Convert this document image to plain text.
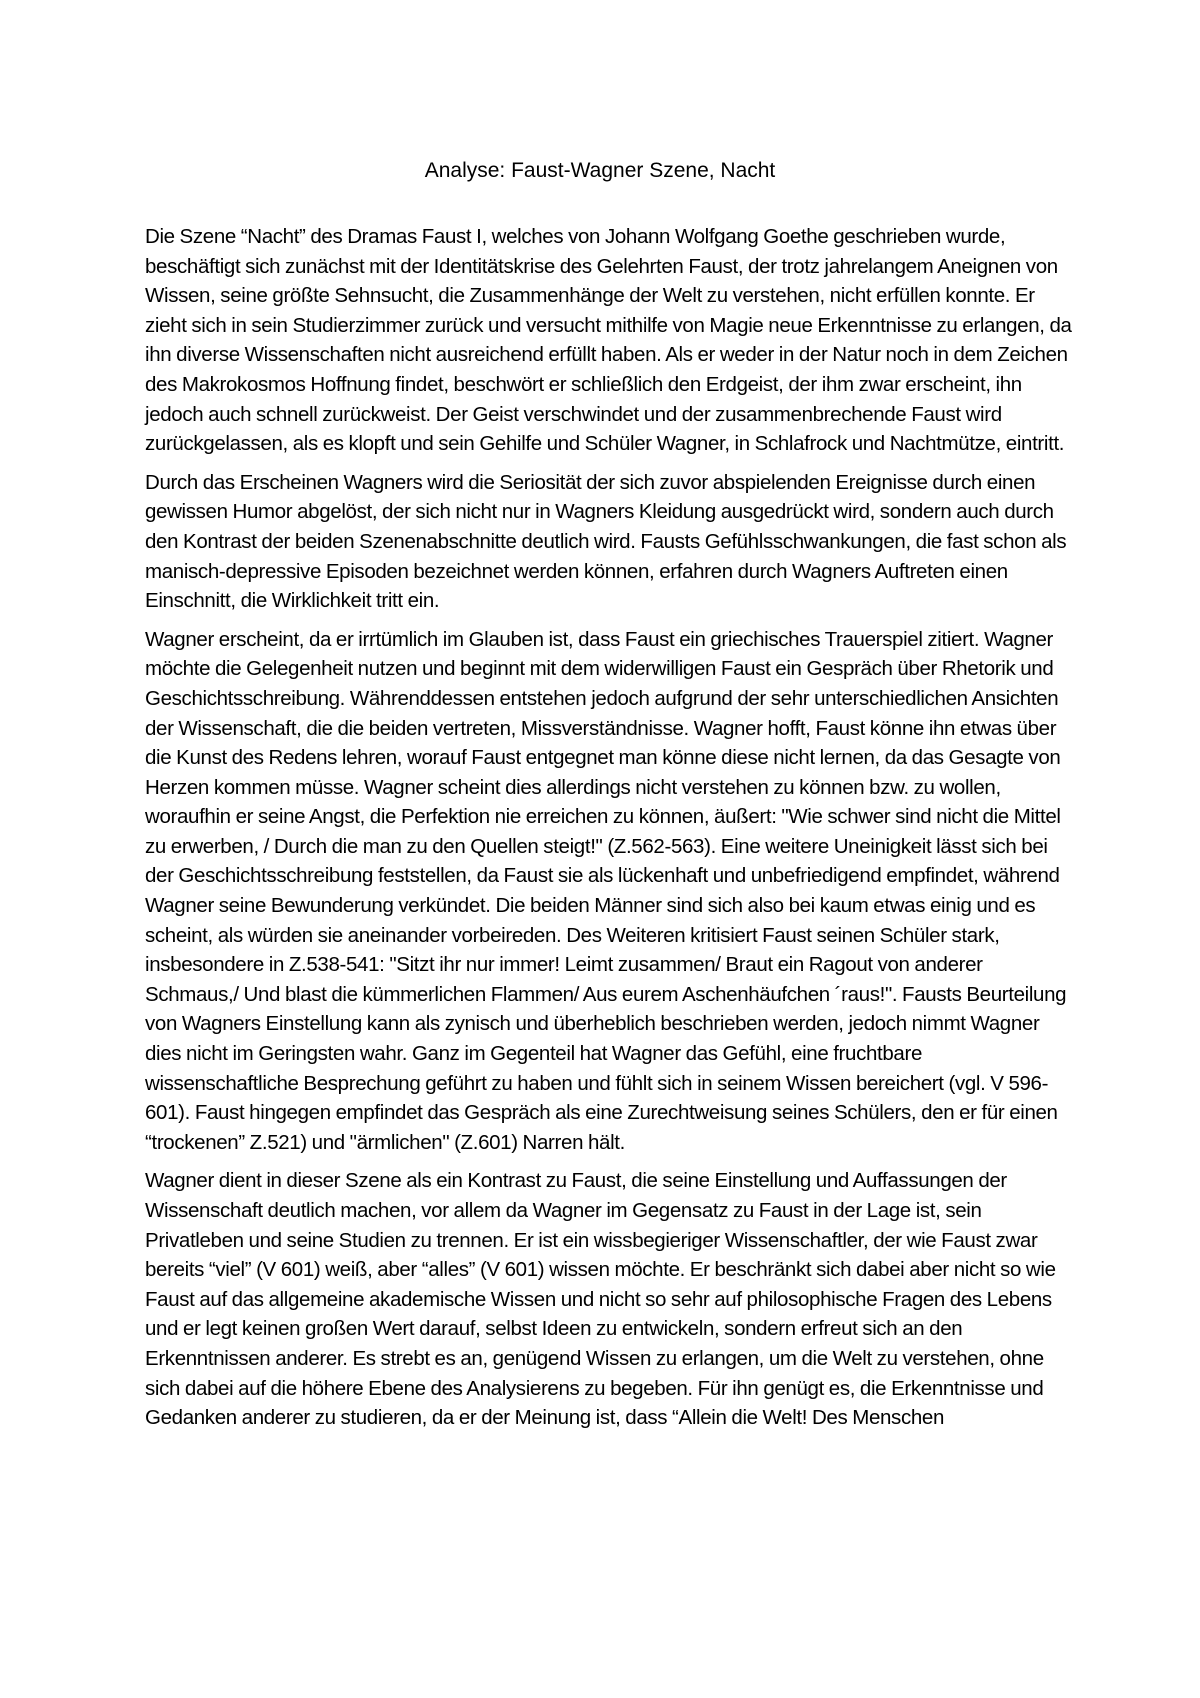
Analyse: Faust-Wagner Szene, Nacht

Die Szene “Nacht” des Dramas Faust I, welches von Johann Wolfgang Goethe geschrieben wurde, beschäftigt sich zunächst mit der Identitätskrise des Gelehrten Faust, der trotz jahrelangem Aneignen von Wissen, seine größte Sehnsucht, die Zusammenhänge der Welt zu verstehen, nicht erfüllen konnte. Er zieht sich in sein Studierzimmer zurück und versucht mithilfe von Magie neue Erkenntnisse zu erlangen, da ihn diverse Wissenschaften nicht ausreichend erfüllt haben. Als er weder in der Natur noch in dem Zeichen des Makrokosmos Hoffnung findet, beschwört er schließlich den Erdgeist, der ihm zwar erscheint, ihn jedoch auch schnell zurückweist. Der Geist verschwindet und der zusammenbrechende Faust wird zurückgelassen, als es klopft und sein Gehilfe und Schüler Wagner, in Schlafrock und Nachtmütze, eintritt.

Durch das Erscheinen Wagners wird die Seriosität der sich zuvor abspielenden Ereignisse durch einen gewissen Humor abgelöst, der sich nicht nur in Wagners Kleidung ausgedrückt wird, sondern auch durch den Kontrast der beiden Szenenabschnitte deutlich wird. Fausts Gefühlsschwankungen, die fast schon als manisch-depressive Episoden bezeichnet werden können, erfahren durch Wagners Auftreten einen Einschnitt, die Wirklichkeit tritt ein.

Wagner erscheint, da er irrtümlich im Glauben ist, dass Faust ein griechisches Trauerspiel zitiert. Wagner möchte die Gelegenheit nutzen und beginnt mit dem widerwilligen Faust ein Gespräch über Rhetorik und Geschichtsschreibung. Währenddessen entstehen jedoch aufgrund der sehr unterschiedlichen Ansichten der Wissenschaft, die die beiden vertreten, Missverständnisse. Wagner hofft, Faust könne ihn etwas über die Kunst des Redens lehren, worauf Faust entgegnet man könne diese nicht lernen, da das Gesagte von Herzen kommen müsse. Wagner scheint dies allerdings nicht verstehen zu können bzw. zu wollen, woraufhin er seine Angst, die Perfektion nie erreichen zu können, äußert: "Wie schwer sind nicht die Mittel zu erwerben, / Durch die man zu den Quellen steigt!" (Z.562-563). Eine weitere Uneinigkeit lässt sich bei der Geschichtsschreibung feststellen, da Faust sie als lückenhaft und unbefriedigend empfindet, während Wagner seine Bewunderung verkündet. Die beiden Männer sind sich also bei kaum etwas einig und es scheint, als würden sie aneinander vorbeireden. Des Weiteren kritisiert Faust seinen Schüler stark, insbesondere in Z.538-541: "Sitzt ihr nur immer! Leimt zusammen/ Braut ein Ragout von anderer Schmaus,/ Und blast die kümmerlichen Flammen/ Aus eurem Aschenhäufchen ´raus!". Fausts Beurteilung von Wagners Einstellung kann als zynisch und überheblich beschrieben werden, jedoch nimmt Wagner dies nicht im Geringsten wahr. Ganz im Gegenteil hat Wagner das Gefühl, eine fruchtbare wissenschaftliche Besprechung geführt zu haben und fühlt sich in seinem Wissen bereichert (vgl. V 596-601). Faust hingegen empfindet das Gespräch als eine Zurechtweisung seines Schülers, den er für einen “trockenen” Z.521) und "ärmlichen" (Z.601) Narren hält.

Wagner dient in dieser Szene als ein Kontrast zu Faust, die seine Einstellung und Auffassungen der Wissenschaft deutlich machen, vor allem da Wagner im Gegensatz zu Faust in der Lage ist, sein Privatleben und seine Studien zu trennen. Er ist ein wissbegieriger Wissenschaftler, der wie Faust zwar bereits “viel” (V 601) weiß, aber “alles” (V 601) wissen möchte. Er beschränkt sich dabei aber nicht so wie Faust auf das allgemeine akademische Wissen und nicht so sehr auf philosophische Fragen des Lebens und er legt keinen großen Wert darauf, selbst Ideen zu entwickeln, sondern erfreut sich an den Erkenntnissen anderer. Es strebt es an, genügend Wissen zu erlangen, um die Welt zu verstehen, ohne sich dabei auf die höhere Ebene des Analysierens zu begeben. Für ihn genügt es, die Erkenntnisse und Gedanken anderer zu studieren, da er der Meinung ist, dass “Allein die Welt! Des Menschen
